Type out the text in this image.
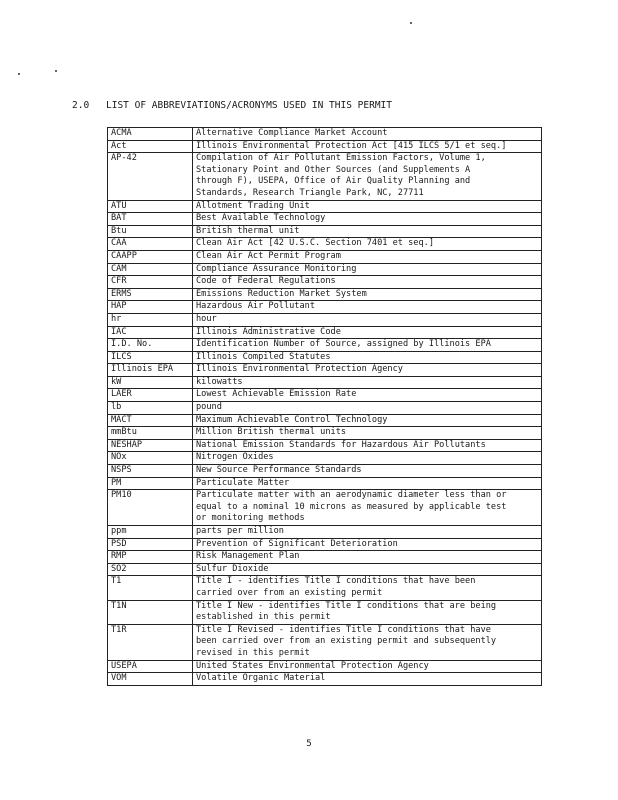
2.0 LIST OF ABBREVIATIONS/ACRONYMS USED IN THIS PERMIT
ACMA	Alternative Compliance Market Account
Act	Illinois Environmental Protection Act [415 ILCS 5/1 et seq.]
AP-42	Compilation of Air Pollutant Emission Factors, Volume 1,
Stationary Point and Other Sources (and Supplements A
through F), USEPA, Office of Air Quality Planning and
Standards, Research Triangle Park, NC, 27711
ATU	Allotment Trading Unit
BAT	Best Available Technology
Btu	British thermal unit
CAA	Clean Air Act [42 U.S.C. Section 7401 et seq.]
CAAPP	Clean Air Act Permit Program
CAM	Compliance Assurance Monitoring
CFR	Code of Federal Regulations
ERMS	Emissions Reduction Market System
HAP	Hazardous Air Pollutant
hr	hour
IAC	Illinois Administrative Code
I.D. No.	Identification Number of Source, assigned by Illinois EPA
ILCS	Illinois Compiled Statutes
Illinois EPA	Illinois Environmental Protection Agency
kW	kilowatts
LAER	Lowest Achievable Emission Rate
lb	pound
MACT	Maximum Achievable Control Technology
mmBtu	Million British thermal units
NESHAP	National Emission Standards for Hazardous Air Pollutants
NOx	Nitrogen Oxides
NSPS	New Source Performance Standards
PM	Particulate Matter
PM10	Particulate matter with an aerodynamic diameter less than or
equal to a nominal 10 microns as measured by applicable test
or monitoring methods
ppm	parts per million
PSD	Prevention of Significant Deterioration
RMP	Risk Management Plan
SO2	Sulfur Dioxide
T1	Title I - identifies Title I conditions that have been
carried over from an existing permit
T1N	Title I New - identifies Title I conditions that are being
established in this permit
T1R	Title I Revised - identifies Title I conditions that have
been carried over from an existing permit and subsequently
revised in this permit
USEPA	United States Environmental Protection Agency
VOM	Volatile Organic Material
5
